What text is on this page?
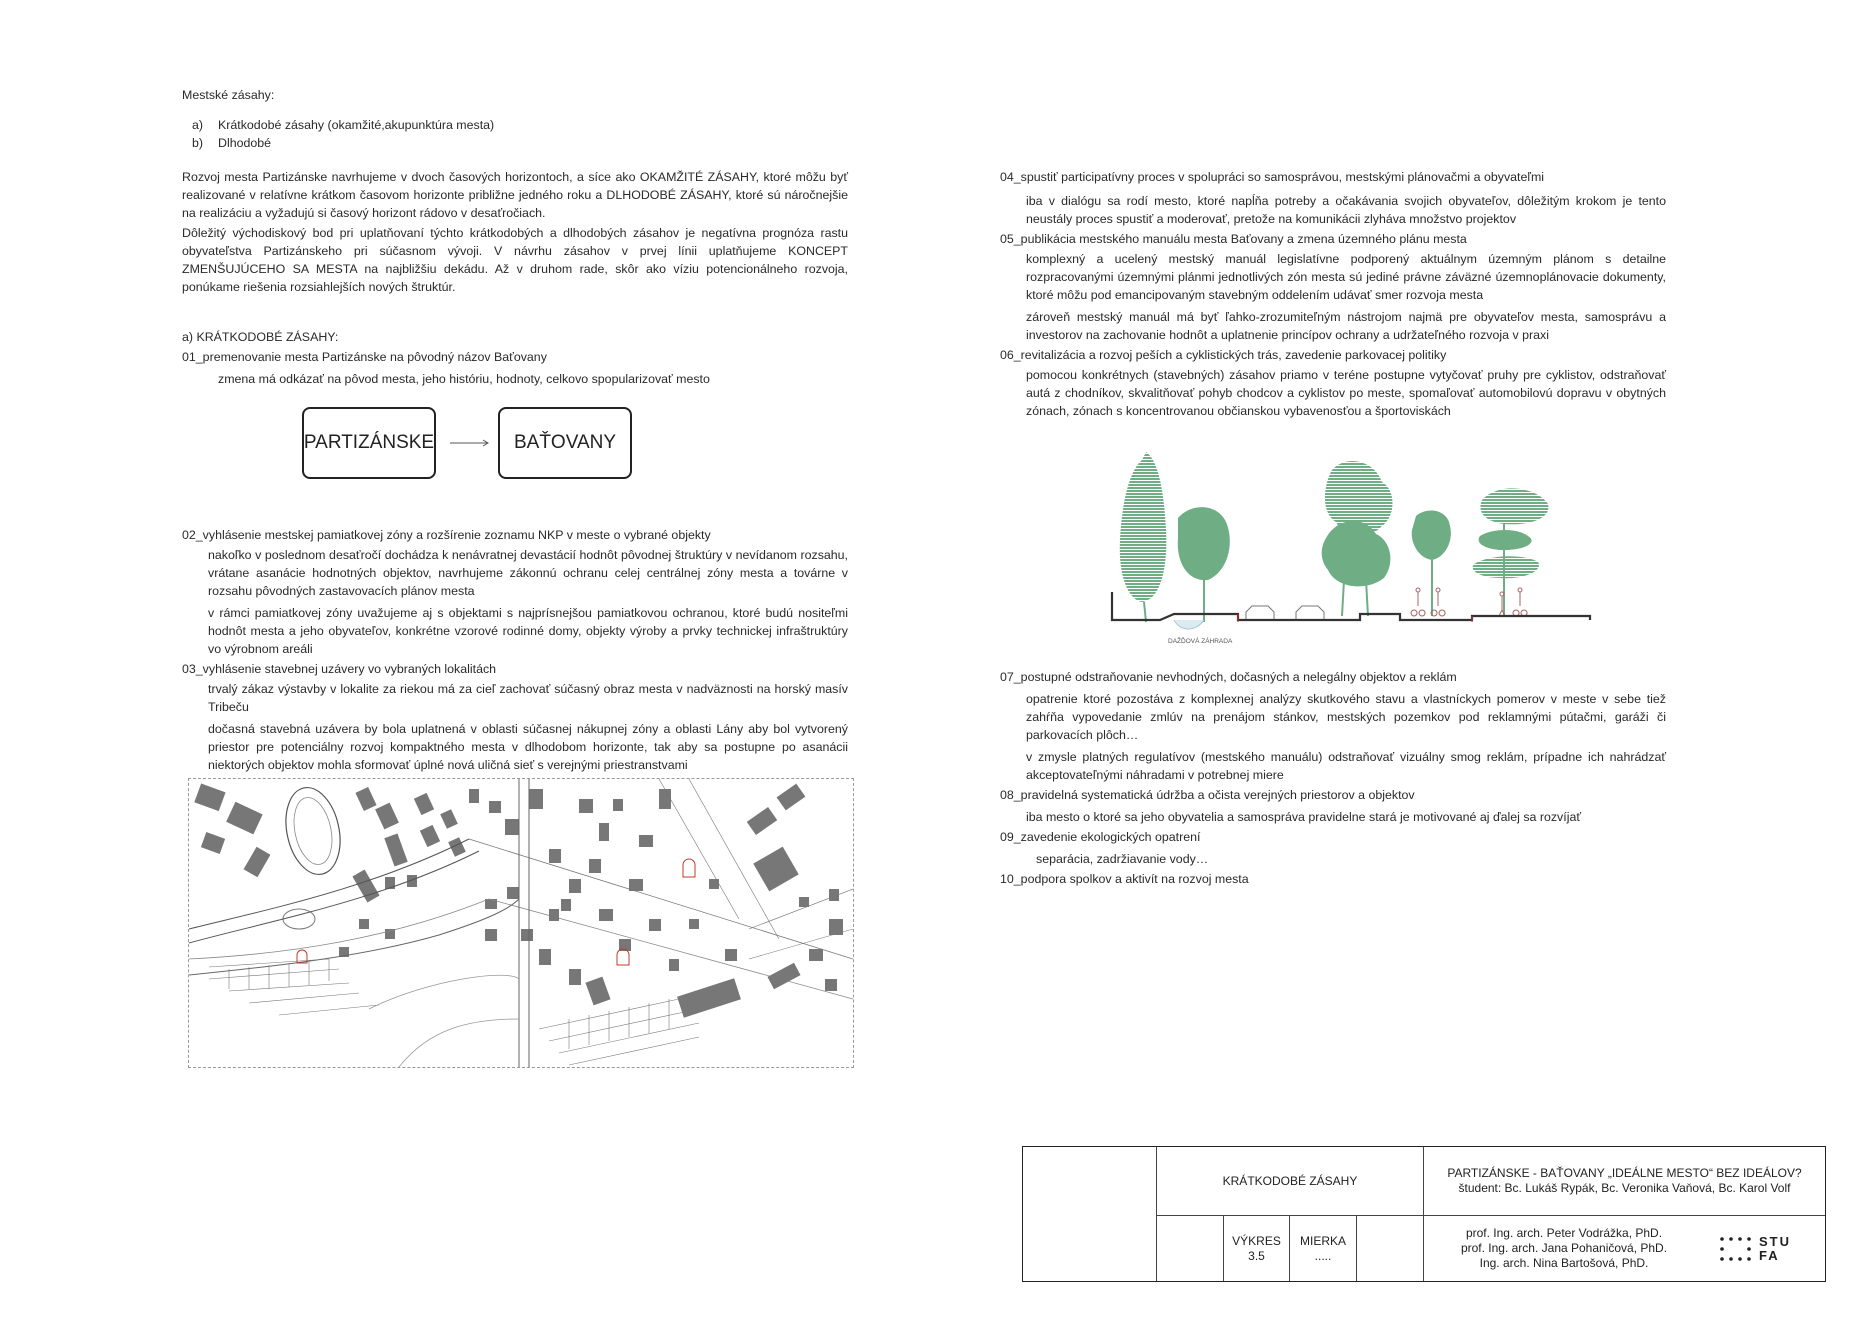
Mestské zásahy:

a)	Krátkodobé zásahy (okamžité,akupunktúra mesta)
b)	Dlhodobé

Rozvoj mesta Partizánske navrhujeme v dvoch časových horizontoch, a síce ako OKAMŽITÉ ZÁSAHY, ktoré môžu byť realizované v relatívne krátkom časovom horizonte približne jedného roku a DLHODOBÉ ZÁSAHY, ktoré sú náročnejšie na realizáciu a vyžadujú si časový horizont rádovo v desaťročiach.

Dôležitý východiskový bod pri uplatňovaní týchto krátkodobých a dlhodobých zásahov je negatívna prognóza rastu obyvateľstva Partizánskeho pri súčasnom vývoji. V návrhu zásahov v prvej línii uplatňujeme KONCEPT ZMENŠUJÚCEHO SA MESTA na najbližšiu dekádu. Až v druhom rade, skôr ako víziu potencionálneho rozvoja, ponúkame riešenia rozsiahlejších nových štruktúr.

a) KRÁTKODOBÉ ZÁSAHY:

01_premenovanie mesta Partizánske na pôvodný názov Baťovany

zmena má odkázať na pôvod mesta, jeho históriu, hodnoty, celkovo spopularizovať mesto

PARTIZÁNSKE	BAŤOVANY

02_vyhlásenie mestskej pamiatkovej zóny a rozšírenie zoznamu NKP v meste o vybrané objekty

nakoľko v poslednom desaťročí dochádza k nenávratnej devastácií hodnôt pôvodnej štruktúry v nevídanom rozsahu, vrátane asanácie hodnotných objektov, navrhujeme zákonnú ochranu celej centrálnej zóny mesta a továrne v rozsahu pôvodných zastavovacích plánov mesta

v rámci pamiatkovej zóny uvažujeme aj s objektami s najprísnejšou pamiatkovou ochranou, ktoré budú nositeľmi hodnôt mesta a jeho obyvateľov, konkrétne vzorové rodinné domy, objekty výroby a prvky technickej infraštruktúry vo výrobnom areáli

03_vyhlásenie stavebnej uzávery vo vybraných lokalitách

trvalý zákaz výstavby v lokalite za riekou má za cieľ zachovať súčasný obraz mesta v nadväznosti na horský masív Tribeču

dočasná stavebná uzávera by bola uplatnená v oblasti súčasnej nákupnej zóny a oblasti Lány aby bol vytvorený priestor pre potenciálny rozvoj kompaktného mesta v dlhodobom horizonte, tak aby sa postupne po asanácii niektorých objektov mohla sformovať úplné nová uličná sieť s verejnými priestranstvami

04_spustiť participatívny proces v spolupráci so samosprávou, mestskými plánovačmi a obyvateľmi

iba v dialógu sa rodí mesto, ktoré napĺňa potreby a očakávania svojich obyvateľov, dôležitým krokom je tento neustály proces spustiť a moderovať, pretože na komunikácii zlyháva množstvo projektov

05_publikácia mestského manuálu mesta Baťovany a zmena územného plánu mesta

komplexný a ucelený mestský manuál legislatívne podporený aktuálnym územným plánom s detailne rozpracovanými územnými plánmi jednotlivých zón mesta sú jediné právne záväzné územnoplánovacie dokumenty, ktoré môžu pod emancipovaným stavebným oddelením udávať smer rozvoja mesta

zároveň mestský manuál má byť ľahko-zrozumiteľným nástrojom najmä pre obyvateľov mesta, samosprávu a investorov na zachovanie hodnôt a uplatnenie princípov ochrany a udržateľného rozvoja v praxi

06_revitalizácia a rozvoj peších a cyklistických trás, zavedenie parkovacej politiky

pomocou konkrétnych (stavebných) zásahov priamo v teréne postupne vytyčovať pruhy pre cyklistov, odstraňovať autá z chodníkov, skvalitňovať pohyb chodcov a cyklistov po meste, spomaľovať automobilovú dopravu v obytných zónach, zónach s koncentrovanou občianskou vybavenosťou a športoviskách

DAŽĎOVÁ ZÁHRADA

07_postupné odstraňovanie nevhodných, dočasných a nelegálny objektov a reklám

opatrenie ktoré pozostáva z komplexnej analýzy skutkového stavu a vlastníckych pomerov v meste v sebe tiež zahŕňa vypovedanie zmlúv na prenájom stánkov, mestských pozemkov pod reklamnými pútačmi, garáži či parkovacích plôch…

v zmysle platných regulatívov (mestského manuálu) odstraňovať vizuálny smog reklám, prípadne ich nahrádzať akceptovateľnými náhradami v potrebnej miere

08_pravidelná systematická údržba a očista verejných priestorov a objektov

iba mesto o ktoré sa jeho obyvatelia a samospráva pravidelne stará je motivované aj ďalej sa rozvíjať

09_zavedenie ekologických opatrení

separácia, zadržiavanie vody…

10_podpora spolkov a aktivít na rozvoj mesta

KRÁTKODOBÉ ZÁSAHY
PARTIZÁNSKE - BAŤOVANY „IDEÁLNE MESTO“ BEZ IDEÁLOV?
študent: Bc. Lukáš Rypák, Bc. Veronika Vaňová, Bc. Karol Volf
VÝKRES
3.5
MIERKA
.....
prof. Ing. arch. Peter Vodrážka, PhD.
prof. Ing. arch. Jana Pohaničová, PhD.
Ing. arch. Nina Bartošová, PhD.
STU
FA
